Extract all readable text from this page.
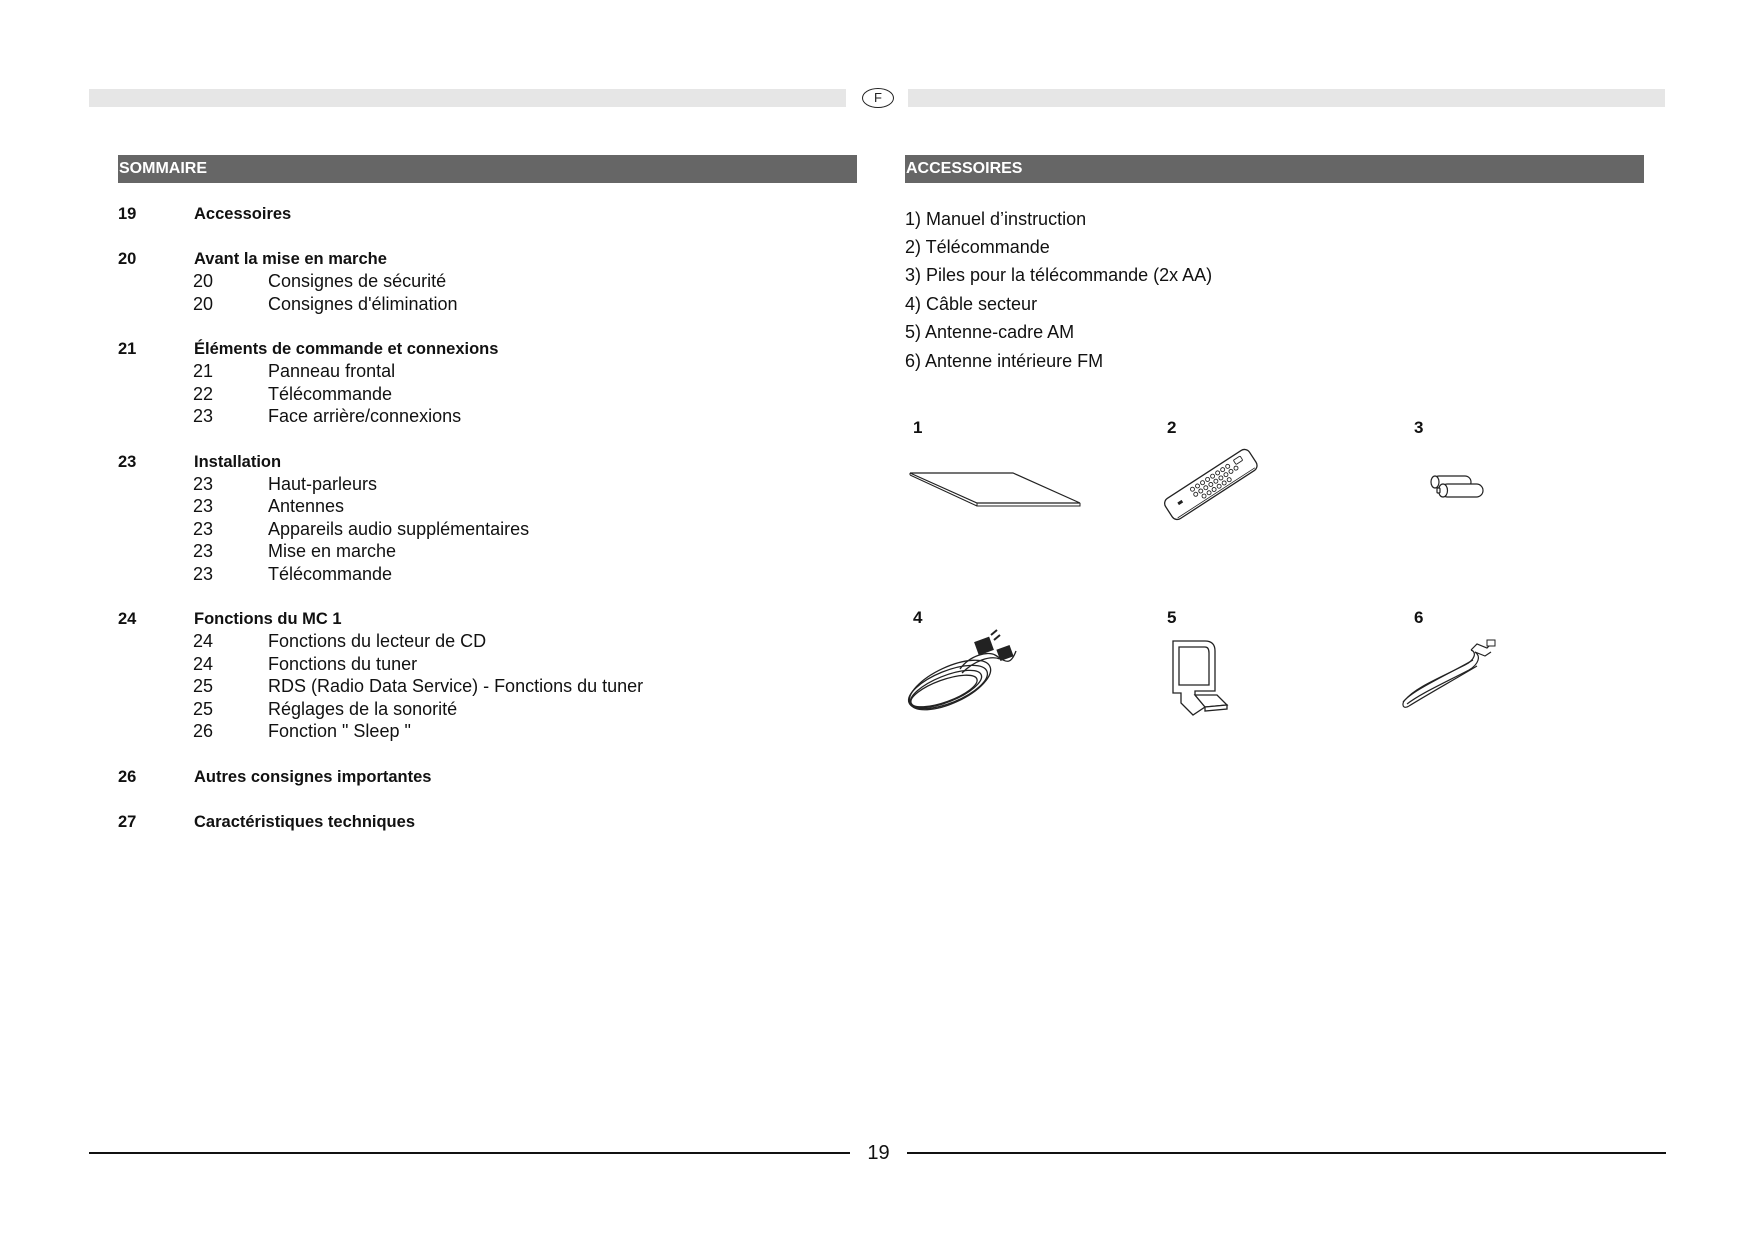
F
SOMMAIRE	ACCESSOIRES
19	Accessoires
20	Avant la mise en marche
20	Consignes de sécurité
20	Consignes d'élimination
21	Éléments de commande et connexions
21	Panneau frontal
22	Télécommande
23	Face arrière/connexions
23	Installation
23	Haut-parleurs
23	Antennes
23	Appareils audio supplémentaires
23	Mise en marche
23	Télécommande
24	Fonctions du MC 1
24	Fonctions du lecteur de CD
24	Fonctions du tuner
25	RDS (Radio Data Service) - Fonctions du tuner
25	Réglages de la sonorité
26	Fonction " Sleep "
26	Autres consignes importantes
27	Caractéristiques techniques
1) Manuel d’instruction
2) Télécommande
3) Piles pour la télécommande (2x AA)
4) Câble secteur
5) Antenne-cadre AM
6) Antenne intérieure FM
1	2	3
4	5	6
19
